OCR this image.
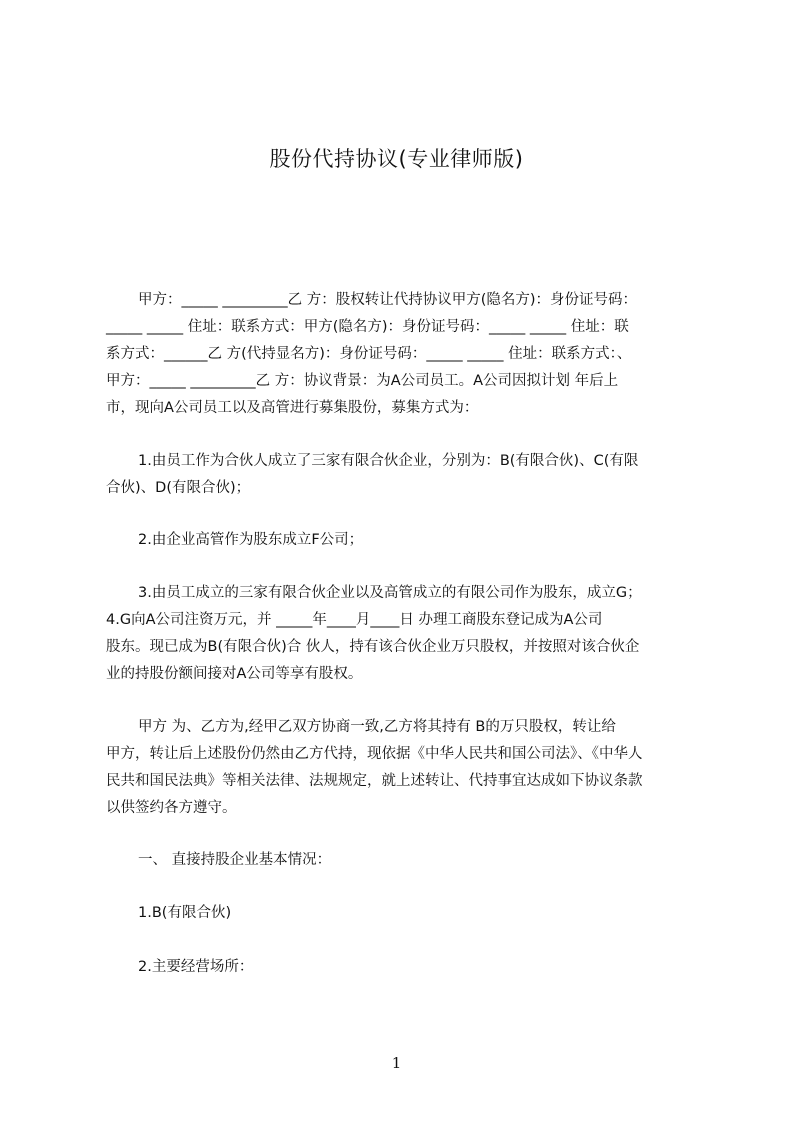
股份代持协议(专业律师版)
甲方：_____ _________乙 方：股权转让代持协议甲方(隐名方)：身份证号码：
_____ _____ 住址：联系方式：甲方(隐名方)：身份证号码：_____ _____ 住址：联
系方式：______乙 方(代持显名方)：身份证号码：_____ _____ 住址：联系方式：、
甲方：_____ _________乙 方：协议背景：为A公司员工。A公司因拟计划 年后上
市，现向A公司员工以及高管进行募集股份，募集方式为：
1.由员工作为合伙人成立了三家有限合伙企业，分别为：B(有限合伙)、C(有限
合伙)、D(有限合伙)；
2.由企业高管作为股东成立F公司；
3.由员工成立的三家有限合伙企业以及高管成立的有限公司作为股东，成立G；
4.G向A公司注资万元，并 _____年____月____日 办理工商股东登记成为A公司
股东。现已成为B(有限合伙)合 伙人，持有该合伙企业万只股权，并按照对该合伙企
业的持股份额间接对A公司等享有股权。
甲方 为、乙方为,经甲乙双方协商一致,乙方将其持有 B的万只股权，转让给
甲方，转让后上述股份仍然由乙方代持，现依据《中华人民共和国公司法》、《中华人
民共和国民法典》等相关法律、法规规定，就上述转让、代持事宜达成如下协议条款
以供签约各方遵守。
一、 直接持股企业基本情况：
1.B(有限合伙)
2.主要经营场所：
1
